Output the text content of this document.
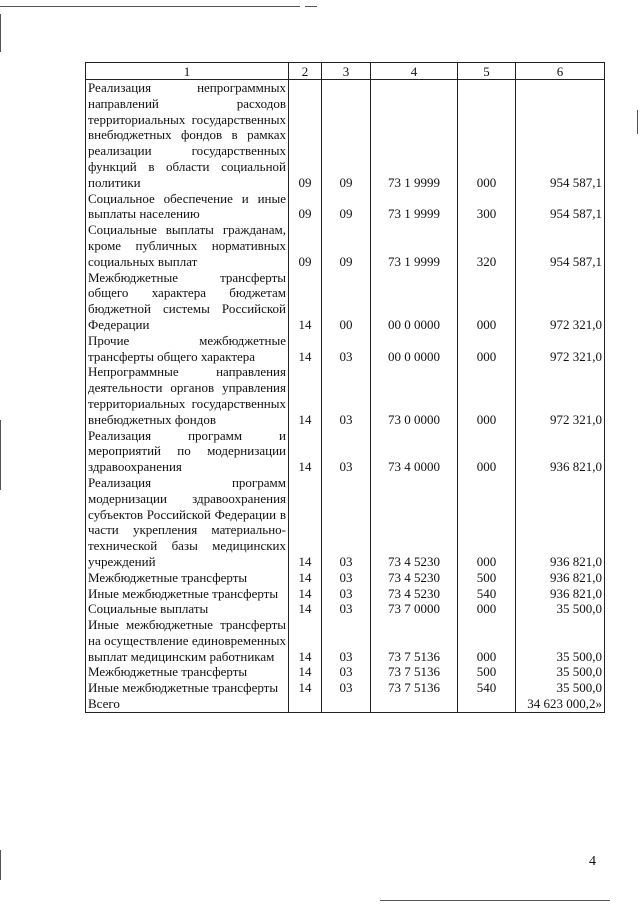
1	2	3	4	5	6
Реализация непрограммных направлений расходов территориальных государственных внебюджетных фондов в рамках реализации государственных функций в области социальной политики	09	09	73 1 9999	000	954 587,1
Социальное обеспечение и иные выплаты населению	09	09	73 1 9999	300	954 587,1
Социальные выплаты гражданам, кроме публичных нормативных социальных выплат	09	09	73 1 9999	320	954 587,1
Межбюджетные трансферты общего характера бюджетам бюджетной системы Российской Федерации	14	00	00 0 0000	000	972 321,0
Прочие межбюджетные трансферты общего характера	14	03	00 0 0000	000	972 321,0
Непрограммные направления деятельности органов управления территориальных государственных внебюджетных фондов	14	03	73 0 0000	000	972 321,0
Реализация программ и мероприятий по модернизации здравоохранения	14	03	73 4 0000	000	936 821,0
Реализация программ модернизации здравоохранения субъектов Российской Федерации в части укрепления материально-технической базы медицинских учреждений	14	03	73 4 5230	000	936 821,0
Межбюджетные трансферты	14	03	73 4 5230	500	936 821,0
Иные межбюджетные трансферты	14	03	73 4 5230	540	936 821,0
Социальные выплаты	14	03	73 7 0000	000	35 500,0
Иные межбюджетные трансферты на осуществление единовременных выплат медицинским работникам	14	03	73 7 5136	000	35 500,0
Межбюджетные трансферты	14	03	73 7 5136	500	35 500,0
Иные межбюджетные трансферты	14	03	73 7 5136	540	35 500,0
Всего					34 623 000,2»
4
